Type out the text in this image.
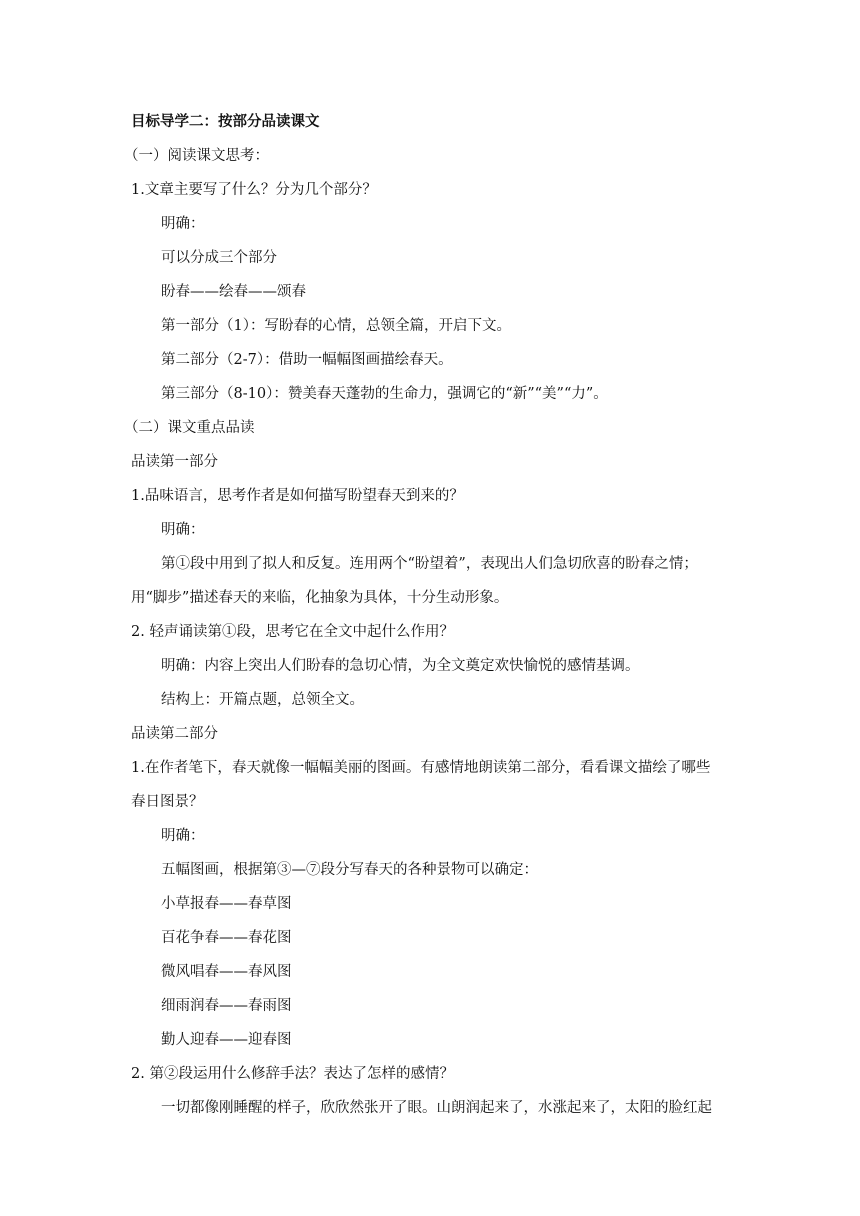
目标导学二：按部分品读课文
（一）阅读课文思考：
1.文章主要写了什么？分为几个部分？
明确：
可以分成三个部分
盼春——绘春——颂春
第一部分（1）：写盼春的心情，总领全篇，开启下文。
第二部分（2-7）：借助一幅幅图画描绘春天。
第三部分（8-10）：赞美春天蓬勃的生命力，强调它的“新”“美”“力”。
（二）课文重点品读
品读第一部分
1.品味语言，思考作者是如何描写盼望春天到来的？
明确：
第①段中用到了拟人和反复。连用两个“盼望着”，表现出人们急切欣喜的盼春之情；
用“脚步”描述春天的来临，化抽象为具体，十分生动形象。
2. 轻声诵读第①段，思考它在全文中起什么作用？
明确：内容上突出人们盼春的急切心情，为全文奠定欢快愉悦的感情基调。
结构上：开篇点题，总领全文。
品读第二部分
1.在作者笔下，春天就像一幅幅美丽的图画。有感情地朗读第二部分，看看课文描绘了哪些
春日图景？
明确：
五幅图画，根据第③—⑦段分写春天的各种景物可以确定：
小草报春——春草图
百花争春——春花图
微风唱春——春风图
细雨润春——春雨图
勤人迎春——迎春图
2. 第②段运用什么修辞手法？表达了怎样的感情？
一切都像刚睡醒的样子，欣欣然张开了眼。山朗润起来了，水涨起来了，太阳的脸红起
